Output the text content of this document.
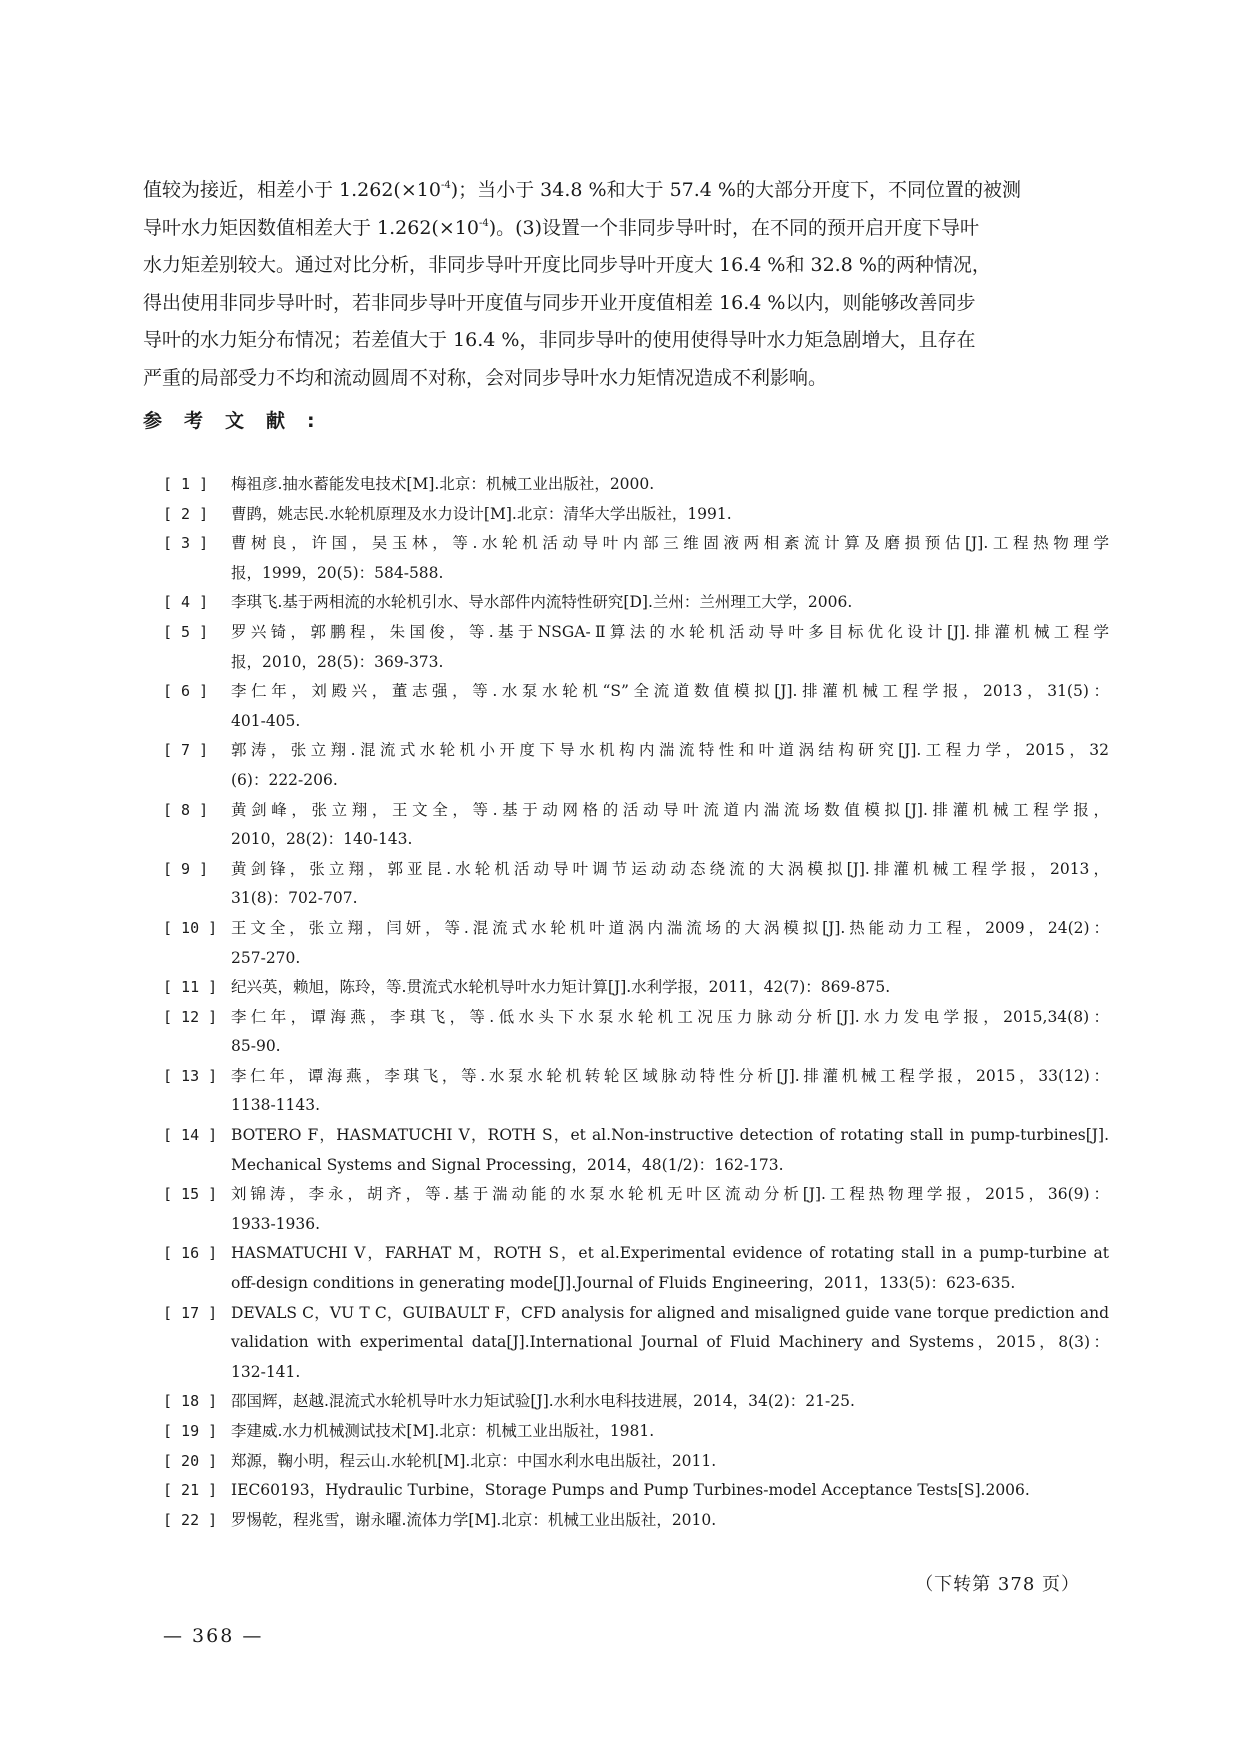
值较为接近，相差小于 $1.262(\times 10^{-4})$；当小于 34.8 %和大于 57.4 %的大部分开度下，不同位置的被测
导叶水力矩因数值相差大于 $1.262(\times 10^{-4})$。(3)设置一个非同步导叶时，在不同的预开启开度下导叶
水力矩差别较大。通过对比分析，非同步导叶开度比同步导叶开度大 16.4 %和 32.8 %的两种情况，
得出使用非同步导叶时，若非同步导叶开度值与同步开业开度值相差 16.4 %以内，则能够改善同步
导叶的水力矩分布情况；若差值大于 16.4 %，非同步导叶的使用使得导叶水力矩急剧增大，且存在
严重的局部受力不均和流动圆周不对称，会对同步导叶水力矩情况造成不利影响。
参考文献:
[ 1 ]	梅祖彦.抽水蓄能发电技术[M].北京：机械工业出版社，2000.
[ 2 ]	曹鹍，姚志民.水轮机原理及水力设计[M].北京：清华大学出版社，1991.
[ 3 ]	曹树良，许国，吴玉林，等.水轮机活动导叶内部三维固液两相紊流计算及磨损预估[J].工程热物理学
报，1999，20(5)：584-588.
[ 4 ]	李琪飞.基于两相流的水轮机引水、导水部件内流特性研究[D].兰州：兰州理工大学，2006.
[ 5 ]	罗兴锜，郭鹏程，朱国俊，等.基于NSGA-Ⅱ算法的水轮机活动导叶多目标优化设计[J].排灌机械工程学
报，2010，28(5)：369-373.
[ 6 ]	李仁年，刘殿兴，董志强，等.水泵水轮机“S”全流道数值模拟[J].排灌机械工程学报，2013，31(5)：
401-405.
[ 7 ]	郭涛，张立翔.混流式水轮机小开度下导水机构内湍流特性和叶道涡结构研究[J].工程力学，2015，32
(6)：222-206.
[ 8 ]	黄剑峰，张立翔，王文全，等.基于动网格的活动导叶流道内湍流场数值模拟[J].排灌机械工程学报，
2010，28(2)：140-143.
[ 9 ]	黄剑锋，张立翔，郭亚昆.水轮机活动导叶调节运动动态绕流的大涡模拟[J].排灌机械工程学报，2013，
31(8)：702-707.
[ 10 ] 王文全，张立翔，闫妍，等.混流式水轮机叶道涡内湍流场的大涡模拟[J].热能动力工程，2009，24(2)：
257-270.
[ 11 ] 纪兴英，赖旭，陈玲，等.贯流式水轮机导叶水力矩计算[J].水利学报，2011，42(7)：869-875.
[ 12 ] 李仁年，谭海燕，李琪飞，等.低水头下水泵水轮机工况压力脉动分析[J].水力发电学报，2015,34(8)：
85-90.
[ 13 ] 李仁年，谭海燕，李琪飞，等.水泵水轮机转轮区域脉动特性分析[J].排灌机械工程学报，2015，33(12)：
1138-1143.
[ 14 ] BOTERO F，HASMATUCHI V，ROTH S，et al.Non-instructive detection of rotating stall in pump-turbines[J].
Mechanical Systems and Signal Processing，2014，48(1/2)：162-173.
[ 15 ] 刘锦涛，李永，胡齐，等.基于湍动能的水泵水轮机无叶区流动分析[J].工程热物理学报，2015，36(9)：
1933-1936.
[ 16 ] HASMATUCHI V，FARHAT M，ROTH S，et al.Experimental evidence of rotating stall in a pump-turbine at
off-design conditions in generating mode[J].Journal of Fluids Engineering，2011，133(5)：623-635.
[ 17 ] DEVALS C，VU T C，GUIBAULT F，CFD analysis for aligned and misaligned guide vane torque prediction and
validation with experimental data[J].International Journal of Fluid Machinery and Systems，2015，8(3)：
132-141.
[ 18 ] 邵国辉，赵越.混流式水轮机导叶水力矩试验[J].水利水电科技进展，2014，34(2)：21-25.
[ 19 ] 李建威.水力机械测试技术[M].北京：机械工业出版社，1981.
[ 20 ] 郑源，鞠小明，程云山.水轮机[M].北京：中国水利水电出版社，2011.
[ 21 ] IEC60193，Hydraulic Turbine，Storage Pumps and Pump Turbines-model Acceptance Tests[S].2006.
[ 22 ] 罗惕乾，程兆雪，谢永曜.流体力学[M].北京：机械工业出版社，2010.

（下转第 378 页）

— 368 —
